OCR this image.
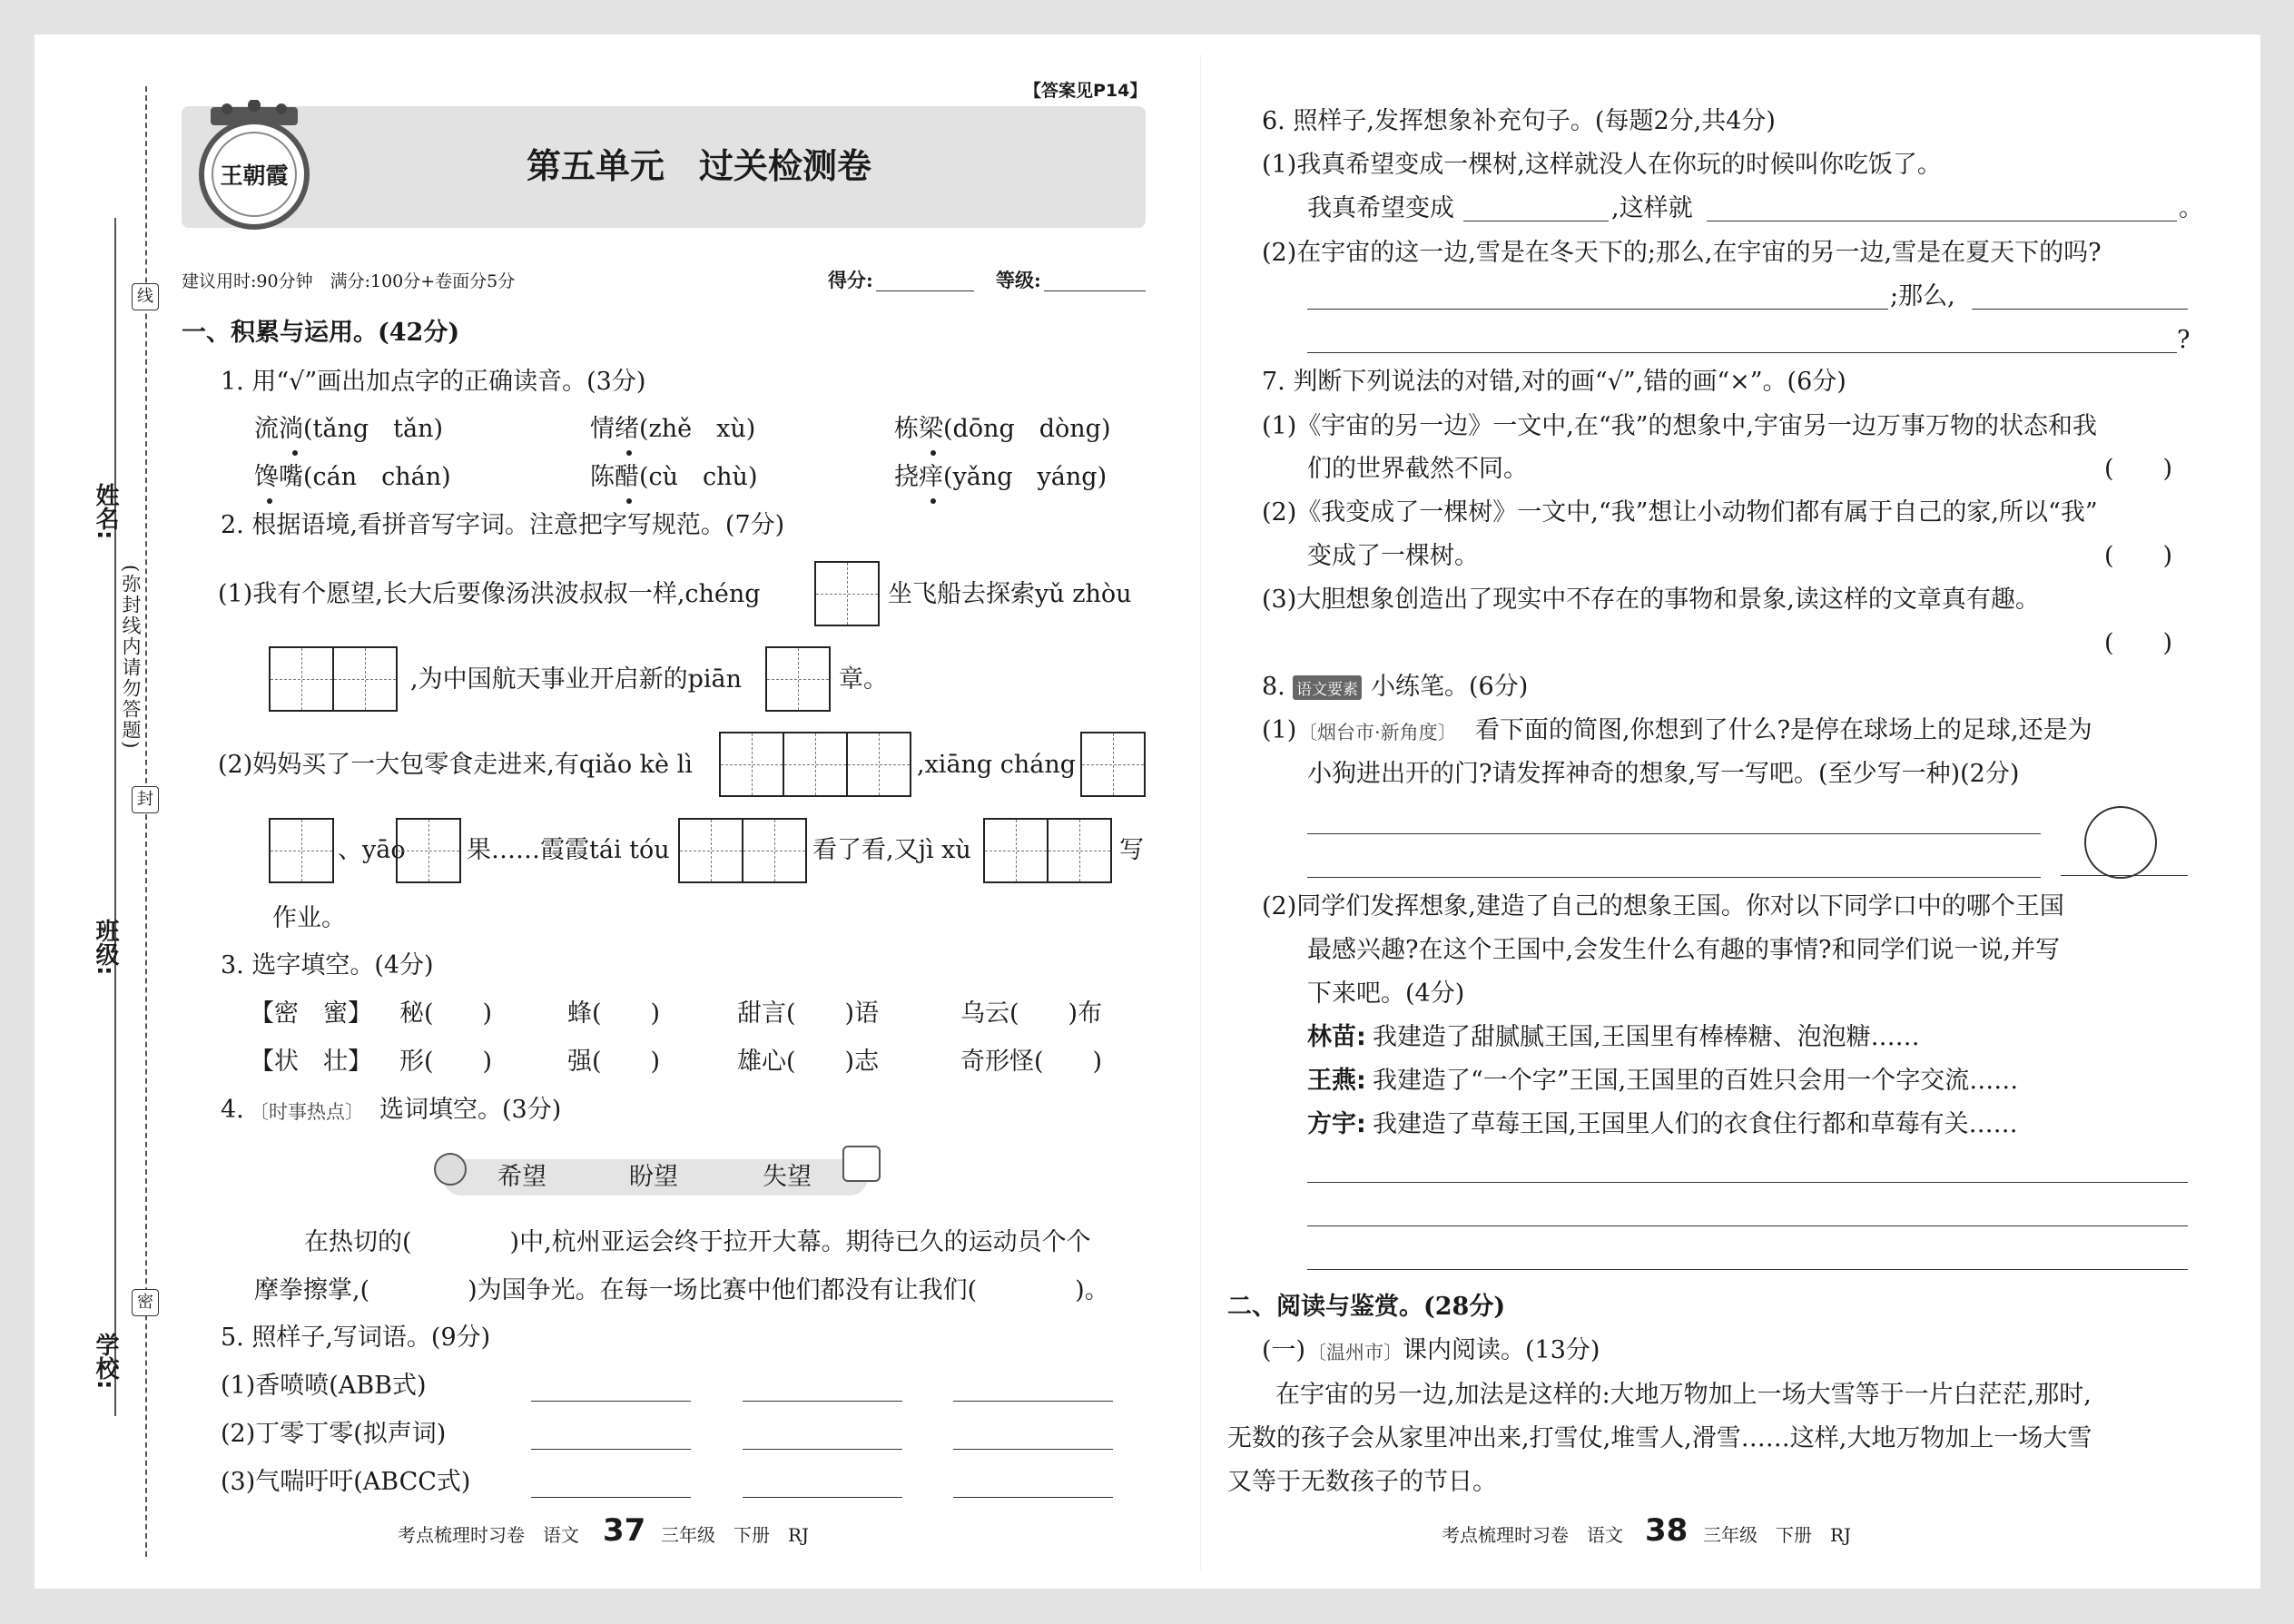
线
封
密
(弥封线内请勿答题)
姓名:
班级:
学校:
【答案见P14】
王朝霞	第五单元　过关检测卷
建议用时:90分钟　满分:100分+卷面分5分	得分:	等级:
一、积累与运用。(42分)
1. 用“√”画出加点字的正确读音。(3分)
流淌(tǎng　tǎn)	情绪(zhě　xù)	栋梁(dōng　dòng)
馋嘴(cán　chán)	陈醋(cù　chù)	挠痒(yǎng　yáng)
2. 根据语境,看拼音写字词。注意把字写规范。(7分)
(1)我有个愿望,长大后要像汤洪波叔叔一样,chéng	坐飞船去探索yǔ zhòu
,为中国航天事业开启新的piān	章。
(2)妈妈买了一大包零食走进来,有qiǎo kè lì	,xiāng cháng
、yāo 果……霞霞tái tóu	看了看,又jì xù	写
作业。
3. 选字填空。(4分)
【密　蜜】 秘(　　)	蜂(　　)	甜言(　　)语	乌云(　　)布
【状　壮】 形(　　)	强(　　)	雄心(　　)志	奇形怪(　　)
4. 〔时事热点〕 选词填空。(3分)
希望	盼望	失望
在热切的(　　　　)中,杭州亚运会终于拉开大幕。期待已久的运动员个个
摩拳擦掌,(　　　　)为国争光。在每一场比赛中他们都没有让我们(　　　　)。
5. 照样子,写词语。(9分)
(1)香喷喷(ABB式)
(2)丁零丁零(拟声词)
(3)气喘吁吁(ABCC式)
考点梳理时习卷　语文 37 三年级　下册　RJ
6. 照样子,发挥想象补充句子。(每题2分,共4分)
(1)我真希望变成一棵树,这样就没人在你玩的时候叫你吃饭了。
我真希望变成	,这样就	。
(2)在宇宙的这一边,雪是在冬天下的;那么,在宇宙的另一边,雪是在夏天下的吗?
;那么,
?
7. 判断下列说法的对错,对的画“√”,错的画“×”。(6分)
(1)《宇宙的另一边》一文中,在“我”的想象中,宇宙另一边万事万物的状态和我
们的世界截然不同。	(　　)
(2)《我变成了一棵树》一文中,“我”想让小动物们都有属于自己的家,所以“我”
变成了一棵树。	(　　)
(3)大胆想象创造出了现实中不存在的事物和景象,读这样的文章真有趣。
(　　)
8. 语文要素 小练笔。(6分)
(1) 〔烟台市·新角度〕 看下面的简图,你想到了什么?是停在球场上的足球,还是为
小狗进出开的门?请发挥神奇的想象,写一写吧。(至少写一种)(2分)
(2)同学们发挥想象,建造了自己的想象王国。你对以下同学口中的哪个王国
最感兴趣?在这个王国中,会发生什么有趣的事情?和同学们说一说,并写
下来吧。(4分)
林苗: 我建造了甜腻腻王国,王国里有棒棒糖、泡泡糖……
王燕: 我建造了“一个字”王国,王国里的百姓只会用一个字交流……
方宇: 我建造了草莓王国,王国里人们的衣食住行都和草莓有关……
二、阅读与鉴赏。(28分)
(一) 〔温州市〕 课内阅读。(13分)
在宇宙的另一边,加法是这样的:大地万物加上一场大雪等于一片白茫茫,那时,
无数的孩子会从家里冲出来,打雪仗,堆雪人,滑雪……这样,大地万物加上一场大雪
又等于无数孩子的节日。
考点梳理时习卷　语文 38 三年级　下册　RJ
